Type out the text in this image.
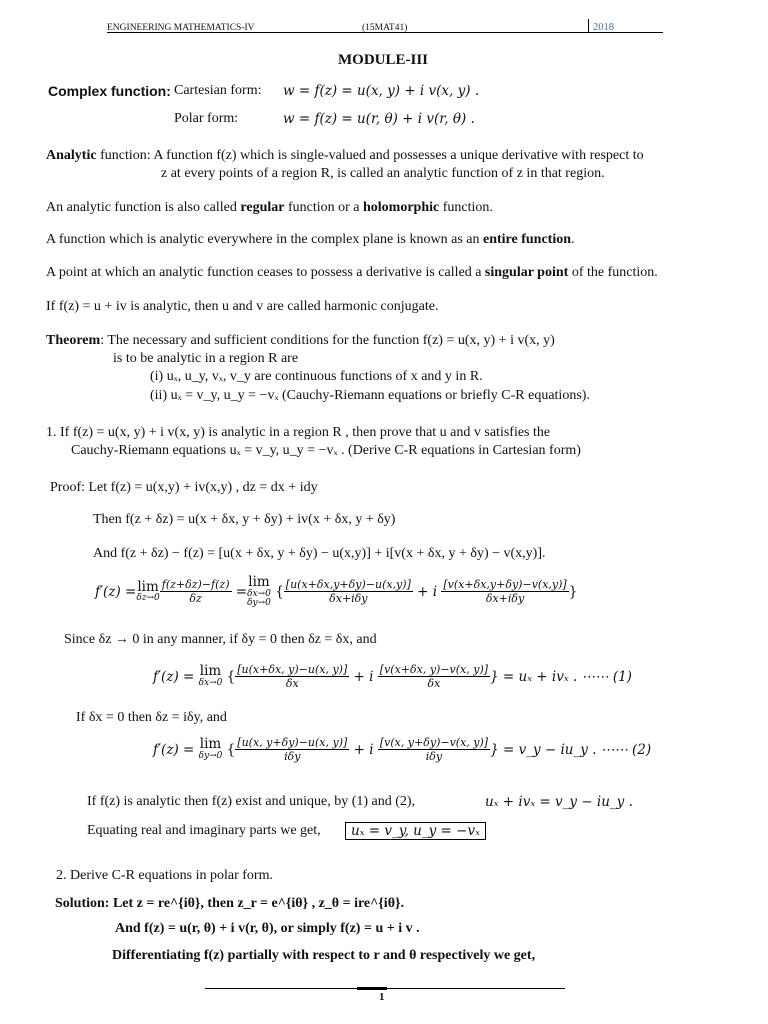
ENGINEERING MATHEMATICS-IV	(15MAT41)	2018
MODULE-III
Complex function: Cartesian form: w = f(z) = u(x, y) + i v(x, y) .
Polar form:	w = f(z) = u(r, θ) + i v(r, θ) .
Analytic function: A function f(z) which is single-valued and possesses a unique derivative with respect to
z at every points of a region R, is called an analytic function of z in that region.
An analytic function is also called regular function or a holomorphic function.
A function which is analytic everywhere in the complex plane is known as an entire function.
A point at which an analytic function ceases to possess a derivative is called a singular point of the function.
If f(z) = u + iv is analytic, then u and v are called harmonic conjugate.
Theorem: The necessary and sufficient conditions for the function f(z) = u(x, y) + i v(x, y)
is to be analytic in a region R are
(i) uₓ, u_y, vₓ, v_y are continuous functions of x and y in R.
(ii) uₓ = v_y, u_y = −vₓ (Cauchy-Riemann equations or briefly C-R equations).
1. If f(z) = u(x, y) + i v(x, y) is analytic in a region R , then prove that u and v satisfies the
Cauchy-Riemann equations uₓ = v_y, u_y = −vₓ . (Derive C-R equations in Cartesian form)
Proof: Let f(z) = u(x,y) + iv(x,y) , dz = dx + idy
Then f(z + δz) = u(x + δx, y + δy) + iv(x + δx, y + δy)
And f(z + δz) − f(z) = [u(x + δx, y + δy) − u(x,y)] + i[v(x + δx, y + δy) − v(x,y)].
f′(z) = lim
$\delta z\to 0 \frac{f(z+\delta z)-f(z)}{\delta z}$ =
lim
δx→0
δy→0
{ $\frac{[u(x+\delta x,y+\delta y)-u(x,y)]}{\text{δx+iδy}} + i \frac{[v(x+\delta x,y+\delta y)-v(x,y)]}{\text{δx+iδy}}$ }
Since δz → 0 in any manner, if δy = 0 then δz = δx, and
f′(z) = lim
δx→0 { $\frac{[u(x+\delta x, y)-u(x, y)]}{\delta x} + i \frac{[v(x+\delta x, y)-v(x, y)]}{\delta x}$ } = uₓ + ivₓ . ⋯⋯ (1)
If δx = 0 then δz = iδy, and
f′(z) = lim
δy→0 { $\frac{[u(x, y+\delta y)-u(x, y)]}{\text{iδy}} + i \frac{[v(x, y+\delta y)-v(x, y)]}{\text{iδy}}$ } = v_y − iu_y . ⋯⋯ (2)
If f(z) is analytic then f(z) exist and unique, by (1) and (2),	uₓ + ivₓ = v_y − iu_y .
Equating real and imaginary parts we get,	uₓ = v_y, u_y = −vₓ
2. Derive C-R equations in polar form.
Solution: Let z = re^{iθ}, then z_r = e^{iθ} , z_θ = ire^{iθ}.
And f(z) = u(r, θ) + i v(r, θ), or simply f(z) = u + i v .
Differentiating f(z) partially with respect to r and θ respectively we get,
1
